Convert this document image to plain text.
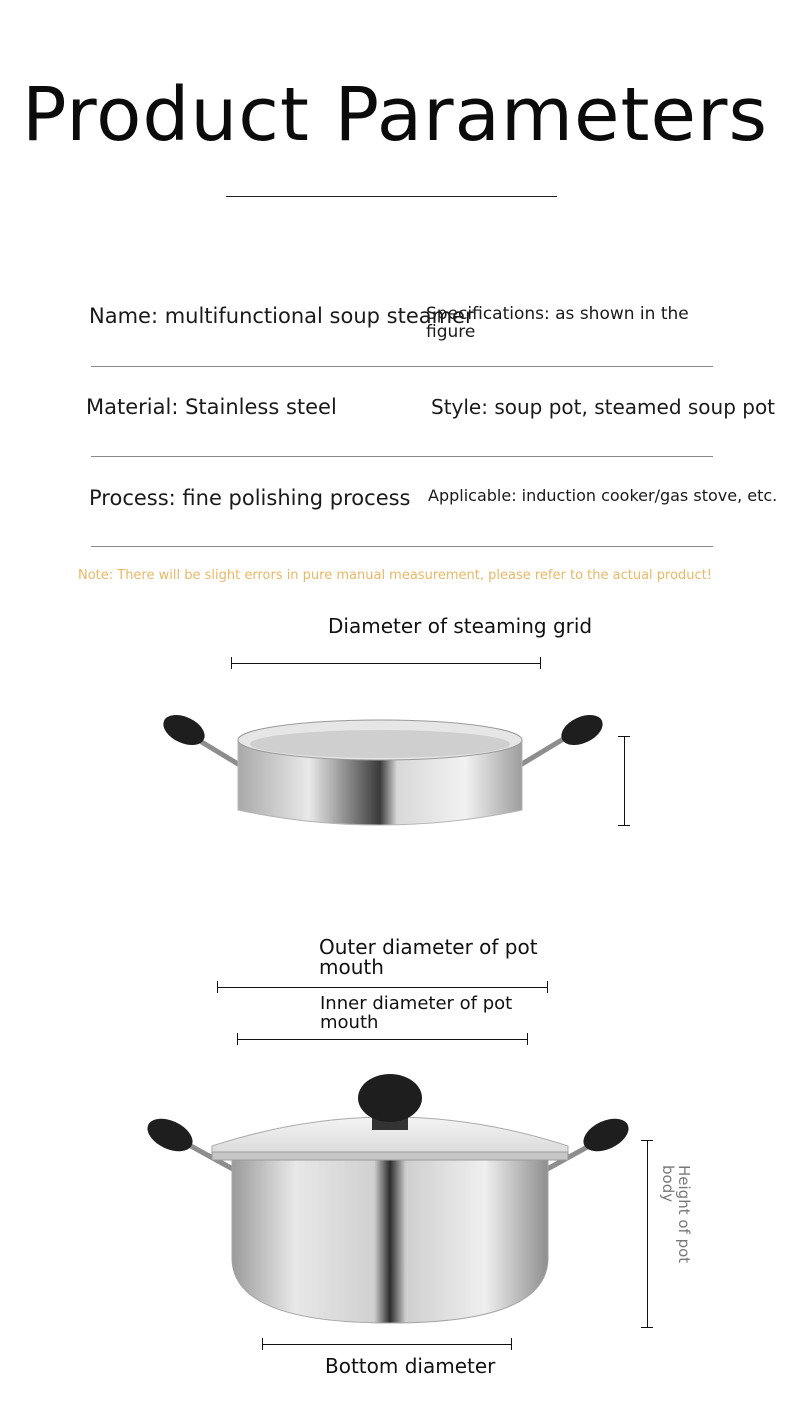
Product Parameters
Name: multifunctional soup steamer
Specifications: as shown in the figure
Material: Stainless steel	Style: soup pot, steamed soup pot
Process: fine polishing process Applicable: induction cooker/gas stove, etc.
Note: There will be slight errors in pure manual measurement, please refer to the actual product!
Diameter of steaming grid
Outer diameter of pot mouth
Inner diameter of pot mouth
Height of pot body
Bottom diameter
